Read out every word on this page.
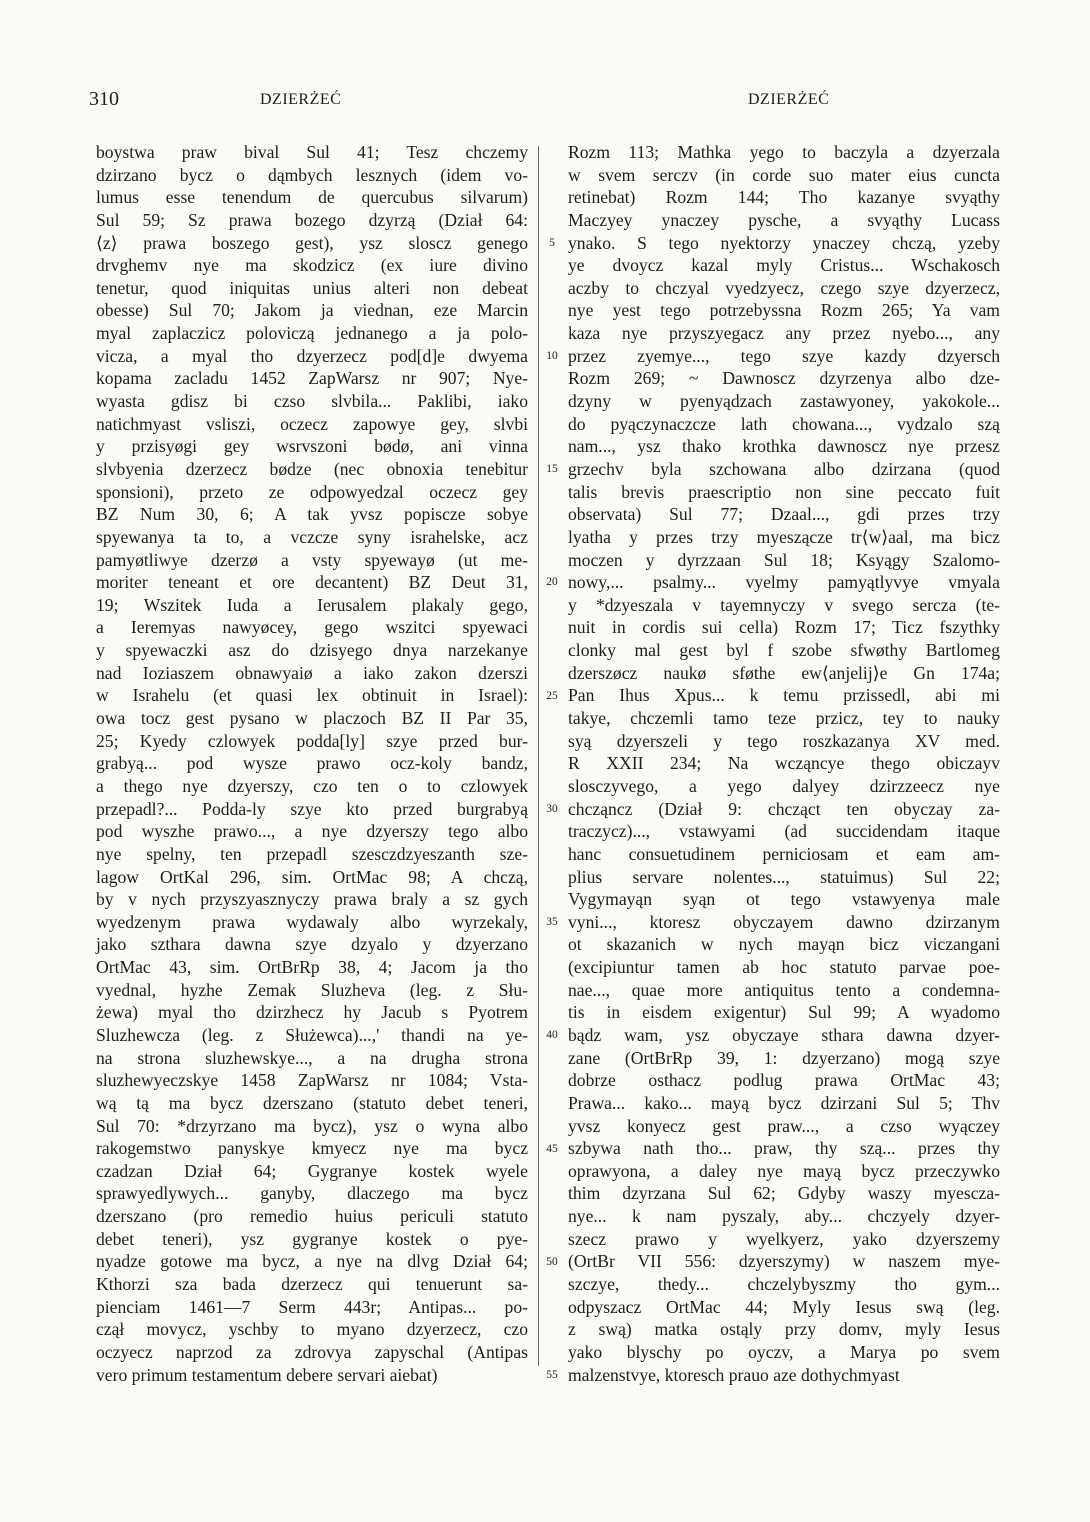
310	DZIERŻEĆ	DZIERŻEĆ
boystwa praw bival Sul 41; Tesz chczemy
dzirzano bycz o dąmbych lesznych (idem vo-
lumus esse tenendum de quercubus silvarum)
Sul 59; Sz prawa bozego dzyrzą (Dział 64:
⟨z⟩ prawa boszego gest), ysz sloscz genego
drvghemv nye ma skodzicz (ex iure divino
tenetur, quod iniquitas unius alteri non debeat
obesse) Sul 70; Jakom ja viednan, eze Marcin
myal zaplaczicz poloviczą jednanego a ja polo-
vicza, a myal tho dzyerzecz pod[d]e dwyema
kopama zacladu 1452 ZapWarsz nr 907; Nye-
wyasta gdisz bi czso slvbila... Paklibi, iako
natichmyast vsliszi, oczecz zapowye gey, slvbi
y przisyøgi gey wsrvszoni bødø, ani vinna
slvbyenia dzerzecz bødze (nec obnoxia tenebitur
sponsioni), przeto ze odpowyedzal oczecz gey
BZ Num 30, 6; A tak yvsz popiscze sobye
spyewanya ta to, a vczcze syny israhelske, acz
pamyøtliwye dzerzø a vsty spyewayø (ut me-
moriter teneant et ore decantent) BZ Deut 31,
19; Wszitek Iuda a Ierusalem plakaly gego,
a Ieremyas nawyøcey, gego wszitci spyewaci
y spyewaczki asz do dzisyego dnya narzekanye
nad Ioziaszem obnawyaiø a iako zakon dzerszi
w Israhelu (et quasi lex obtinuit in Israel):
owa tocz gest pysano w placzoch BZ II Par 35,
25; Kyedy czlowyek podda[ly] szye przed bur-
grabyą... pod wysze prawo ocz-koly bandz,
a thego nye dzyerszy, czo ten o to czlowyek
przepadl?... Podda-ly szye kto przed burgrabyą
pod wyszhe prawo..., a nye dzyerszy tego albo
nye spelny, ten przepadl szesczdzyeszanth sze-
lagow OrtKal 296, sim. OrtMac 98; A chczą,
by v nych przyszyasznyczy prawa braly a sz gych
wyedzenym prawa wydawaly albo wyrzekaly,
jako szthara dawna szye dzyalo y dzyerzano
OrtMac 43, sim. OrtBrRp 38, 4; Jacom ja tho
vyednal, hyzhe Zemak Sluzheva (leg. z Słu-
żewa) myal tho dzirzhecz hy Jacub s Pyotrem
Sluzhewcza (leg. z Służewca)...,' thandi na ye-
na strona sluzhewskye..., a na drugha strona
sluzhewyeczskye 1458 ZapWarsz nr 1084; Vsta-
wą tą ma bycz dzerszano (statuto debet teneri,
Sul 70: *drzyrzano ma bycz), ysz o wyna albo
rakogemstwo panyskye kmyecz nye ma bycz
czadzan Dział 64; Gygranye kostek wyele
sprawyedlywych... ganyby, dlaczego ma bycz
dzerszano (pro remedio huius periculi statuto
debet teneri), ysz gygranye kostek o pye-
nyadze gotowe ma bycz, a nye na dlvg Dział 64;
Kthorzi sza bada dzerzecz qui tenuerunt sa-
pienciam 1461—7 Serm 443r; Antipas... po-
czął movycz, yschby to myano dzyerzecz, czo
oczyecz naprzod za zdrovya zapyschal (Antipas
vero primum testamentum debere servari aiebat)
5
10
15
20
25
30
35
40
45
50
55
Rozm 113; Mathka yego to baczyla a dzyerzala
w svem serczv (in corde suo mater eius cuncta
retinebat) Rozm 144; Tho kazanye svyąthy
Maczyey ynaczey pysche, a svyąthy Lucass
ynako. S tego nyektorzy ynaczey chczą, yzeby
ye dvoycz kazal myly Cristus... Wschakosch
aczby to chczyal vyedzyecz, czego szye dzyerzecz,
nye yest tego potrzebyssna Rozm 265; Ya vam
kaza nye przyszyegacz any przez nyebo..., any
przez zyemye..., tego szye kazdy dzyersch
Rozm 269; ~ Dawnoscz dzyrzenya albo dze-
dzyny w pyenyądzach zastawyoney, yakokole...
do pyączynaczcze lath chowana..., vydzalo szą
nam..., ysz thako krothka dawnoscz nye przesz
grzechv byla szchowana albo dzirzana (quod
talis brevis praescriptio non sine peccato fuit
observata) Sul 77; Dzaal..., gdi przes trzy
lyatha y przes trzy myeszącze tr⟨w⟩aal, ma bicz
moczen y dyrzzaan Sul 18; Ksyągy Szalomo-
nowy,... psalmy... vyelmy pamyątlyvye vmyala
y *dzyeszala v tayemnyczy v svego sercza (te-
nuit in cordis sui cella) Rozm 17; Ticz fszythky
clonky mal gest byl f szobe sfwøthy Bartlomeg
dzerszøcz naukø sføthe ew⟨anjelij⟩e Gn 174a;
Pan Ihus Xpus... k temu przissedl, abi mi
takye, chczemli tamo teze przicz, tey to nauky
syą dzyerszeli y tego roszkazanya XV med.
R XXII 234; Na wcząncye thego obiczayv
slosczyvego, a yego dalyey dzirzzeecz nye
chcząncz (Dział 9: chcząct ten obyczay za-
traczycz)..., vstawyami (ad succidendam itaque
hanc consuetudinem perniciosam et eam am-
plius servare nolentes..., statuimus) Sul 22;
Vygymayąn syąn ot tego vstawyenya male
vyni..., ktoresz obyczayem dawno dzirzanym
ot skazanich w nych mayąn bicz viczangani
(excipiuntur tamen ab hoc statuto parvae poe-
nae..., quae more antiquitus tento a condemna-
tis in eisdem exigentur) Sul 99; A wyadomo
bądz wam, ysz obyczaye sthara dawna dzyer-
zane (OrtBrRp 39, 1: dzyerzano) mogą szye
dobrze osthacz podlug prawa OrtMac 43;
Prawa... kako... mayą bycz dzirzani Sul 5; Thv
yvsz konyecz gest praw..., a czso wyączey
szbywa nath tho... praw, thy szą... przes thy
oprawyona, a daley nye mayą bycz przeczywko
thim dzyrzana Sul 62; Gdyby waszy myescza-
nye... k nam pyszaly, aby... chczyely dzyer-
szecz prawo y wyelkyerz, yako dzyerszemy
(OrtBr VII 556: dzyerszymy) w naszem mye-
szczye, thedy... chczelybyszmy tho gym...
odpyszacz OrtMac 44; Myly Iesus swą (leg.
z swą) matka ostąly przy domv, myly Iesus
yako blyschy po oyczv, a Marya po svem
malzenstvye, ktoresch prauo aze dothychmyast
